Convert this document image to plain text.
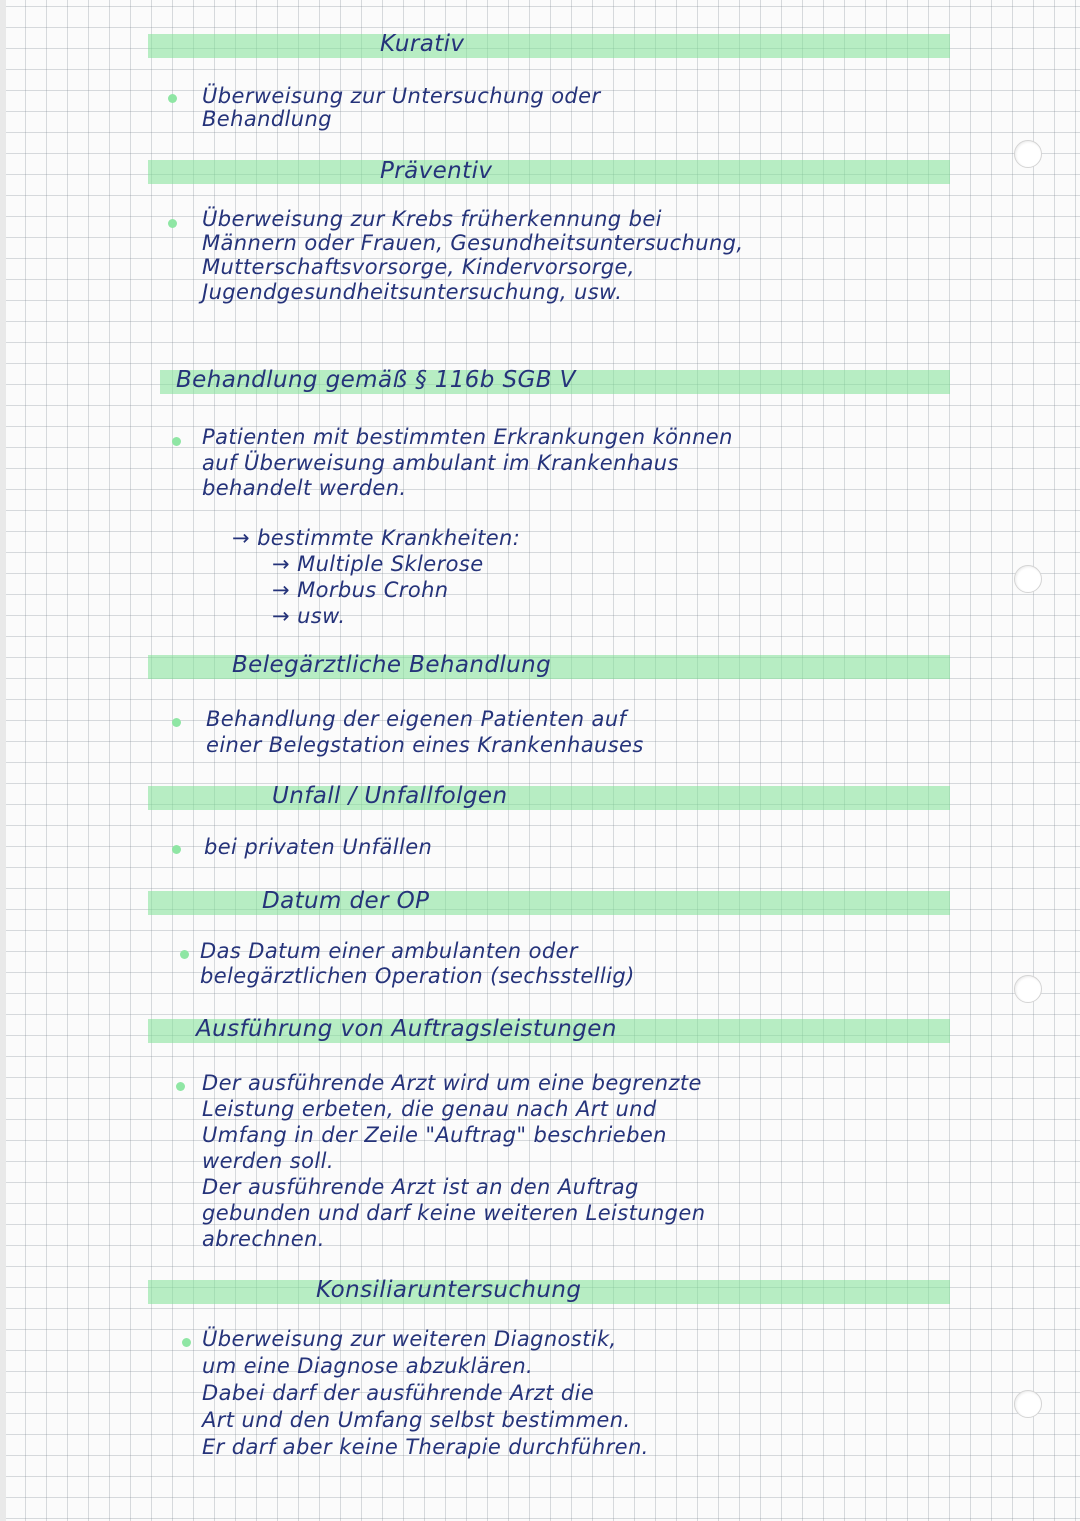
Kurativ
Überweisung zur Untersuchung oder
Behandlung
Präventiv
Überweisung zur Krebs früherkennung bei
Männern oder Frauen, Gesundheitsuntersuchung,
Mutterschaftsvorsorge, Kindervorsorge,
Jugendgesundheitsuntersuchung, usw.
Behandlung gemäß § 116b SGB V
Patienten mit bestimmten Erkrankungen können
auf Überweisung ambulant im Krankenhaus
behandelt werden.
→ bestimmte Krankheiten:
→ Multiple Sklerose
→ Morbus Crohn
→ usw.
Belegärztliche Behandlung
Behandlung der eigenen Patienten auf
einer Belegstation eines Krankenhauses
Unfall / Unfallfolgen
bei privaten Unfällen
Datum der OP
Das Datum einer ambulanten oder
belegärztlichen Operation (sechsstellig)
Ausführung von Auftragsleistungen
Der ausführende Arzt wird um eine begrenzte
Leistung erbeten, die genau nach Art und
Umfang in der Zeile "Auftrag" beschrieben
werden soll.
Der ausführende Arzt ist an den Auftrag
gebunden und darf keine weiteren Leistungen
abrechnen.
Konsiliaruntersuchung
Überweisung zur weiteren Diagnostik,
um eine Diagnose abzuklären.
Dabei darf der ausführende Arzt die
Art und den Umfang selbst bestimmen.
Er darf aber keine Therapie durchführen.
